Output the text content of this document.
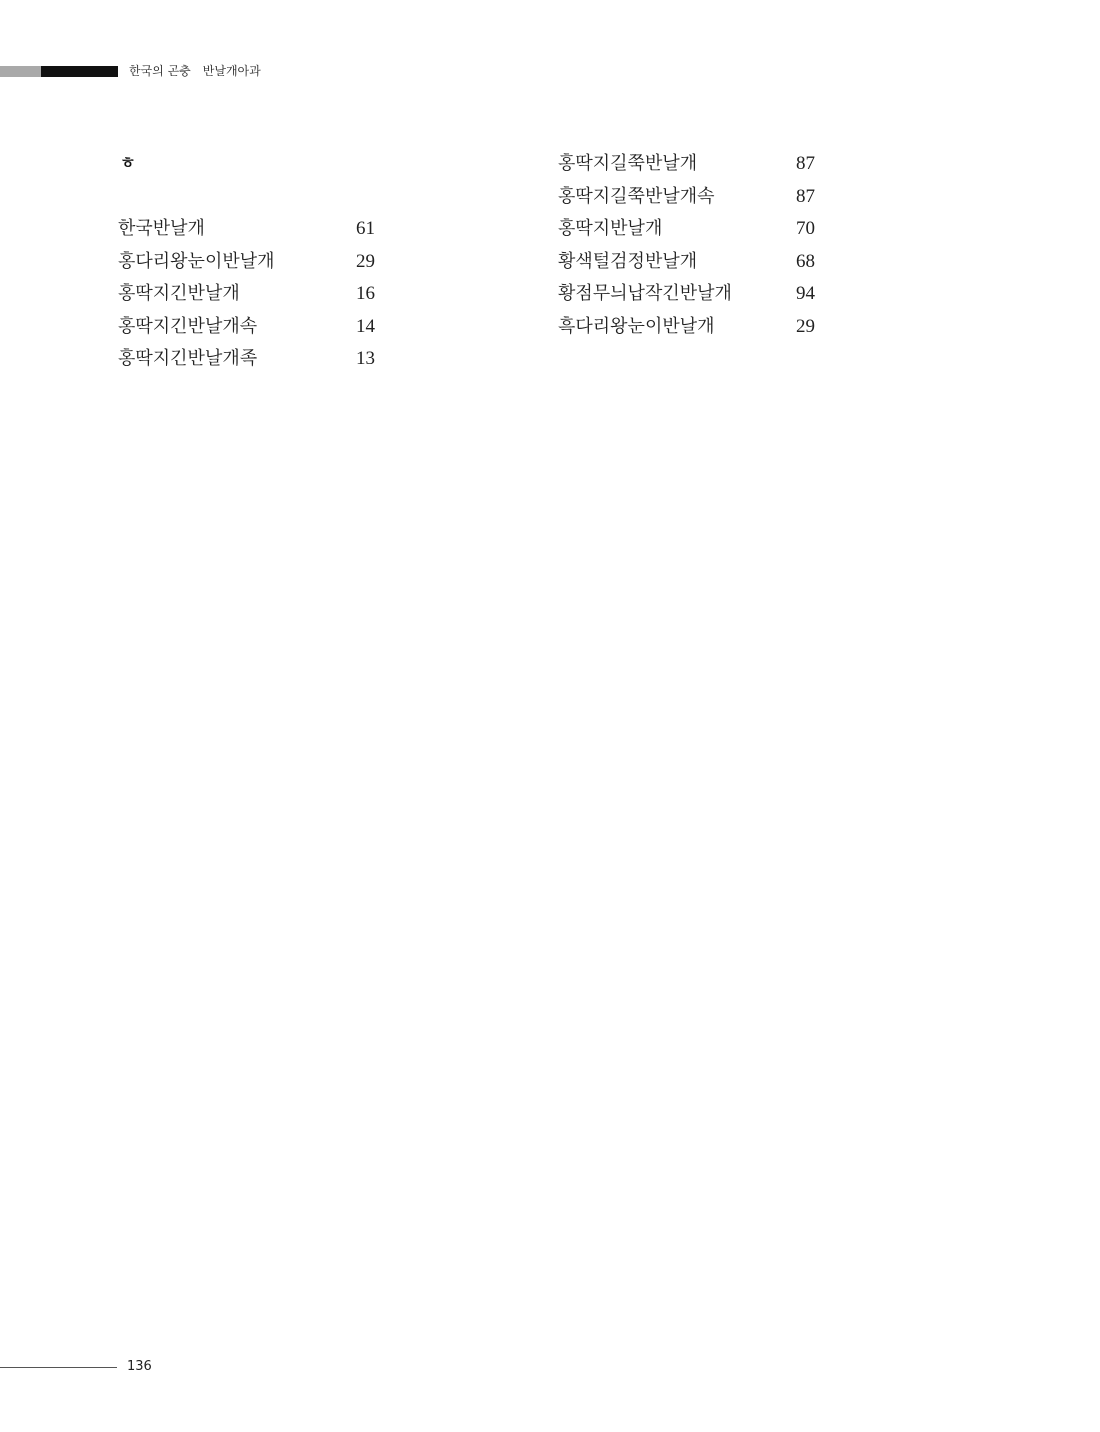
한국의 곤충 반날개아과
ㅎ
한국반날개	61
홍다리왕눈이반날개	29
홍딱지긴반날개	16
홍딱지긴반날개속	14
홍딱지긴반날개족	13
홍딱지길쭉반날개	87
홍딱지길쭉반날개속	87
홍딱지반날개	70
황색털검정반날개	68
황점무늬납작긴반날개	94
흑다리왕눈이반날개	29
136
